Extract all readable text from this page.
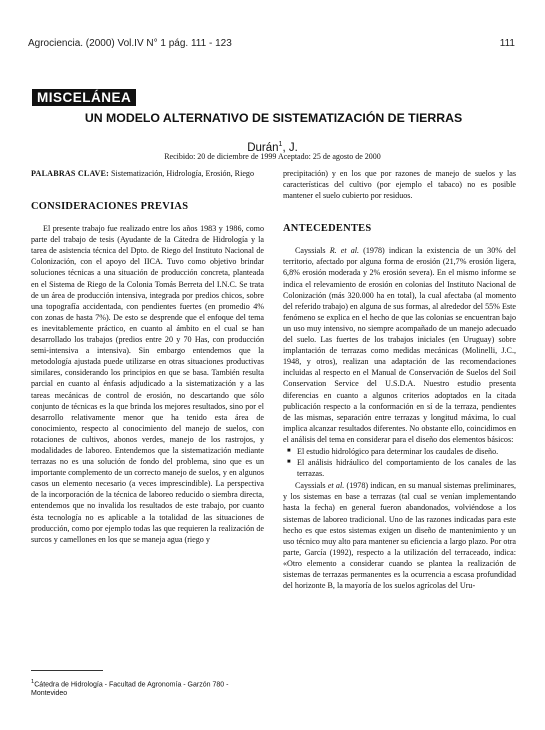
Agrociencia. (2000) Vol.IV N° 1 pág. 111 - 123	111
MISCELÁNEA
UN MODELO ALTERNATIVO DE SISTEMATIZACIÓN DE TIERRAS
Durán$^1$, J.
Recibido: 20 de diciembre de 1999 Aceptado: 25 de agosto de 2000
PALABRAS CLAVE: Sistematización, Hidrología, Erosión, Riego
CONSIDERACIONES PREVIAS

El presente trabajo fue realizado entre los años 1983 y 1986, como parte del trabajo de tesis (Ayudante de la Cátedra de Hidrología y la tarea de asistencia técnica del Dpto. de Riego del Instituto Nacional de Colonización, con el apoyo del IICA. Tuvo como objetivo brindar soluciones técnicas a una situación de producción concreta, planteada en el Sistema de Riego de la Colonia Tomás Berreta del I.N.C. Se trata de un área de producción intensiva, integrada por predios chicos, sobre una topografía accidentada, con pendientes fuertes (en promedio 4% con zonas de hasta 7%). De esto se desprende que el enfoque del tema es inevitablemente práctico, en cuanto al ámbito en el cual se han desarrollado los trabajos (predios entre 20 y 70 Has, con producción semi-intensiva a intensiva). Sin embargo entendemos que la metodología ajustada puede utilizarse en otras situaciones productivas similares, considerando los principios en que se basa. También resulta parcial en cuanto al énfasis adjudicado a la sistematización y a las tareas mecánicas de control de erosión, no descartando que sólo conjunto de técnicas es la que brinda los mejores resultados, sino por el desarrollo relativamente menor que ha tenido esta área de conocimiento, respecto al conocimiento del manejo de suelos, con rotaciones de cultivos, abonos verdes, manejo de los rastrojos, y modalidades de laboreo. Entendemos que la sistematización mediante terrazas no es una solución de fondo del problema, sino que es un importante complemento de un correcto manejo de suelos, y en algunos casos un elemento necesario (a veces imprescindible). La perspectiva de la incorporación de la técnica de laboreo reducido o siembra directa, entendemos que no invalida los resultados de este trabajo, por cuanto ésta tecnología no es aplicable a la totalidad de las situaciones de producción, como por ejemplo todas las que requieren la realización de surcos y camellones en los que se maneja agua (riego y

precipitación) y en los que por razones de manejo de suelos y las características del cultivo (por ejemplo el tabaco) no es posible mantener el suelo cubierto por residuos.
ANTECEDENTES

Cayssials R. et al. (1978) indican la existencia de un 30% del territorio, afectado por alguna forma de erosión (21,7% erosión ligera, 6,8% erosión moderada y 2% erosión severa). En el mismo informe se indica el relevamiento de erosión en colonias del Instituto Nacional de Colonización (más 320.000 ha en total), la cual afectaba (al momento del referido trabajo) en alguna de sus formas, al alrededor del 55% Este fenómeno se explica en el hecho de que las colonias se encuentran bajo un uso muy intensivo, no siempre acompañado de un manejo adecuado del suelo. Las fuertes de los trabajos iniciales (en Uruguay) sobre implantación de terrazas como medidas mecánicas (Molinelli, J.C., 1948, y otros), realizan una adaptación de las recomendaciones incluidas al respecto en el Manual de Conservación de Suelos del Soil Conservation Service del U.S.D.A. Nuestro estudio presenta diferencias en cuanto a algunos criterios adoptados en la citada publicación respecto a la conformación en sí de la terraza, pendientes de las mismas, separación entre terrazas y longitud máxima, lo cual implica alcanzar resultados diferentes. No obstante ello, coincidimos en el análisis del tema en considerar para el diseño dos elementos básicos:

■ El estudio hidrológico para determinar los caudales de diseño.
■ El análisis hidráulico del comportamiento de los canales de las terrazas.

Cayssials et al. (1978) indican, en su manual sistemas preliminares, y los sistemas en base a terrazas (tal cual se venían implementando hasta la fecha) en general fueron abandonados, volviéndose a los sistemas de laboreo tradicional. Uno de las razones indicadas para este hecho es que estos sistemas exigen un diseño de mantenimiento y un uso técnico muy alto para mantener su eficiencia a largo plazo. Por otra parte, García (1992), respecto a la utilización del terraceado, indica: «Otro elemento a considerar cuando se plantea la realización de sistemas de terrazas permanentes es la ocurrencia a escasa profundidad del horizonte B, la mayoría de los suelos agrícolas del Uru-

$^1$Cátedra de Hidrología - Facultad de Agronomía - Garzón 780 - Montevideo
